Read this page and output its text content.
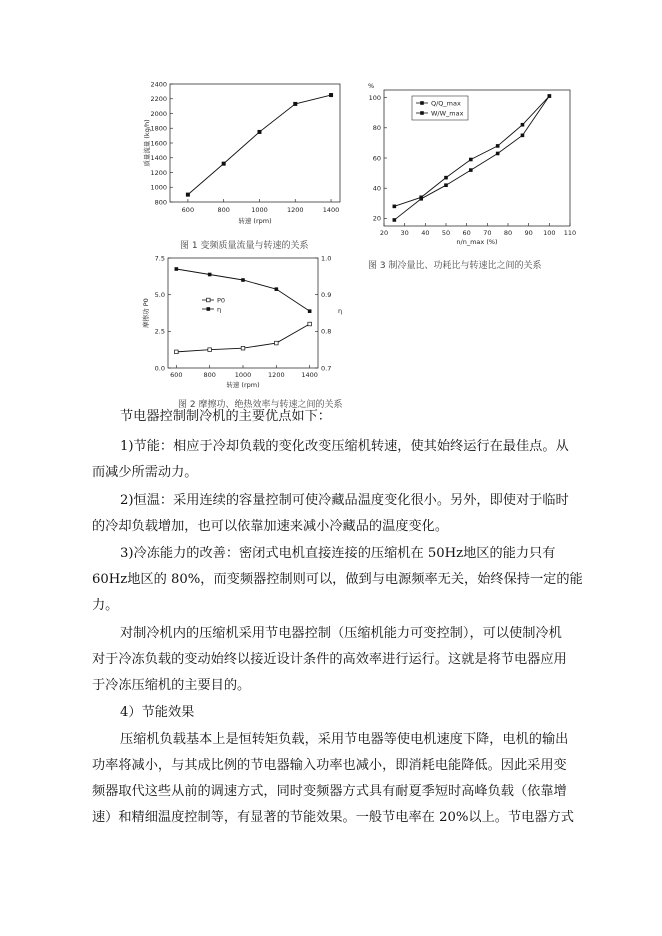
800
1000
1200
1400
1600
1800
2000
2200
2400
600	800	1000	1200	1400
转速 (rpm)
质量流量 (kg/h)
图 1 变频质量流量与转速的关系
%
20
40
60
80
100
20 30 40 50 60 70 80 90 100 110
n/n_max (%)
Q/Q_max
W/W_max
图 3 制冷量比、功耗比与转速比之间的关系
0.0
2.5
5.0
7.5
0.7
0.8
0.9
1.0
600	800	1000	1200	1400
转速 (rpm)
摩擦功 P0	η
P0
η
图 2 摩擦功、绝热效率与转速之间的关系
节电器控制制冷机的主要优点如下：
1)节能：相应于冷却负载的变化改变压缩机转速，使其始终运行在最佳点。从
而减少所需动力。
2)恒温：采用连续的容量控制可使冷藏品温度变化很小。另外，即使对于临时
的冷却负载增加，也可以依靠加速来减小冷藏品的温度变化。
3)冷冻能力的改善：密闭式电机直接连接的压缩机在 50Hz地区的能力只有
60Hz地区的 80%，而变频器控制则可以，做到与电源频率无关，始终保持一定的能
力。
对制冷机内的压缩机采用节电器控制（压缩机能力可变控制），可以使制冷机
对于冷冻负载的变动始终以接近设计条件的高效率进行运行。这就是将节电器应用
于冷冻压缩机的主要目的。
4）节能效果
压缩机负载基本上是恒转矩负载，采用节电器等使电机速度下降，电机的输出
功率将减小，与其成比例的节电器输入功率也减小，即消耗电能降低。因此采用变
频器取代这些从前的调速方式，同时变频器方式具有耐夏季短时高峰负载（依靠增
速）和精细温度控制等，有显著的节能效果。一般节电率在 20%以上。节电器方式
